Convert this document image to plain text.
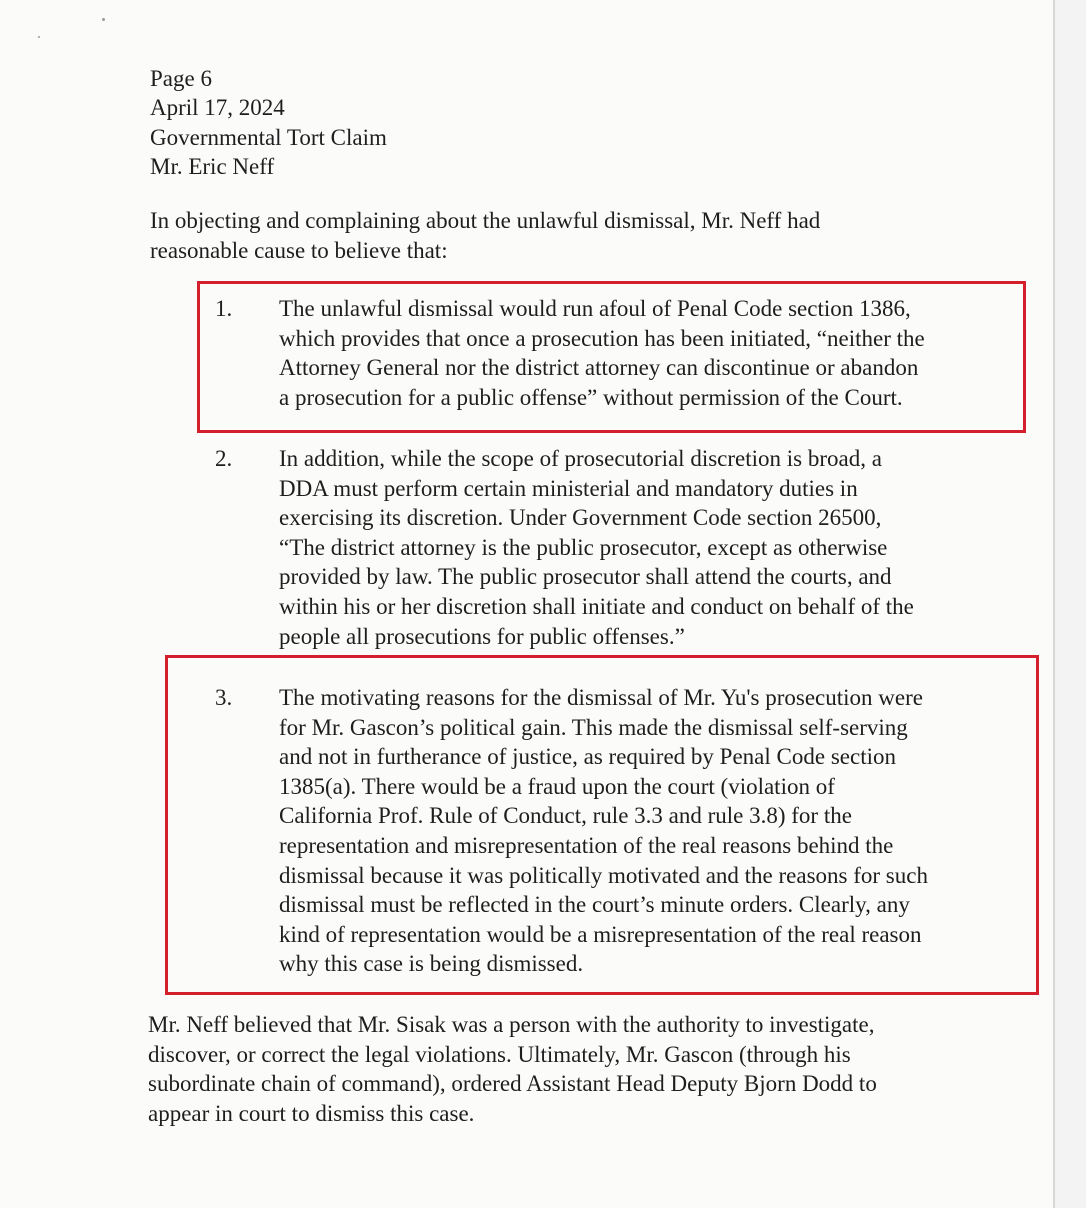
Page 6
April 17, 2024
Governmental Tort Claim
Mr. Eric Neff
In objecting and complaining about the unlawful dismissal, Mr. Neff had
reasonable cause to believe that:
1. The unlawful dismissal would run afoul of Penal Code section 1386,
which provides that once a prosecution has been initiated, “neither the
Attorney General nor the district attorney can discontinue or abandon
a prosecution for a public offense” without permission of the Court.
2. In addition, while the scope of prosecutorial discretion is broad, a
DDA must perform certain ministerial and mandatory duties in
exercising its discretion. Under Government Code section 26500,
“The district attorney is the public prosecutor, except as otherwise
provided by law. The public prosecutor shall attend the courts, and
within his or her discretion shall initiate and conduct on behalf of the
people all prosecutions for public offenses.”
3. The motivating reasons for the dismissal of Mr. Yu's prosecution were
for Mr. Gascon’s political gain. This made the dismissal self-serving
and not in furtherance of justice, as required by Penal Code section
1385(a). There would be a fraud upon the court (violation of
California Prof. Rule of Conduct, rule 3.3 and rule 3.8) for the
representation and misrepresentation of the real reasons behind the
dismissal because it was politically motivated and the reasons for such
dismissal must be reflected in the court’s minute orders. Clearly, any
kind of representation would be a misrepresentation of the real reason
why this case is being dismissed.
Mr. Neff believed that Mr. Sisak was a person with the authority to investigate,
discover, or correct the legal violations. Ultimately, Mr. Gascon (through his
subordinate chain of command), ordered Assistant Head Deputy Bjorn Dodd to
appear in court to dismiss this case.
